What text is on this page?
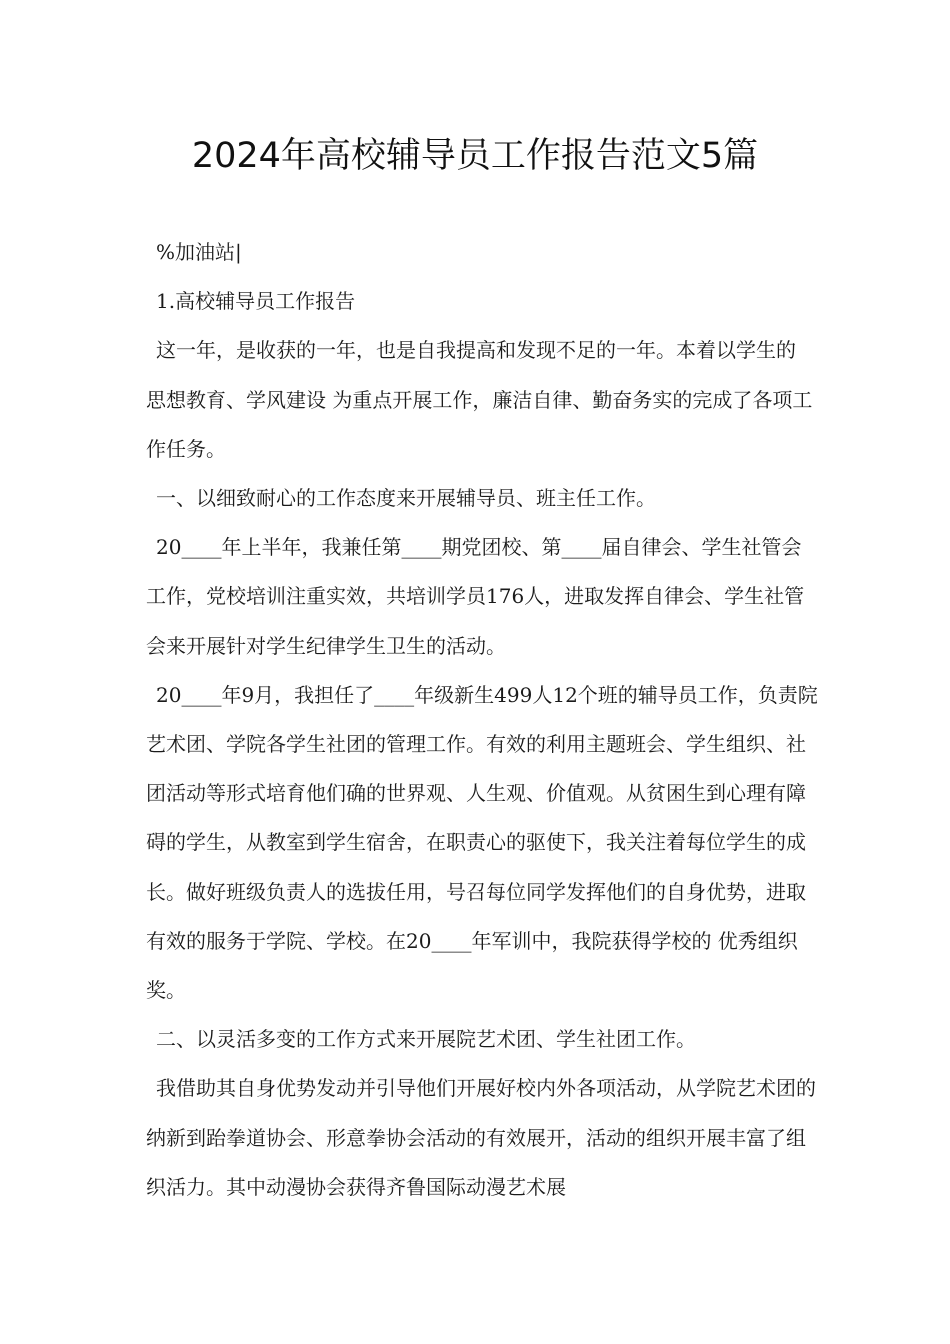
2024年高校辅导员工作报告范文5篇

%加油站|

1.高校辅导员工作报告

这一年，是收获的一年，也是自我提高和发现不足的一年。本着以学生的 思想教育、学风建设 为重点开展工作，廉洁自律、勤奋务实的完成了各项工作任务。

一、以细致耐心的工作态度来开展辅导员、班主任工作。

20____年上半年，我兼任第____期党团校、第____届自律会、学生社管会工作，党校培训注重实效，共培训学员176人，进取发挥自律会、学生社管会来开展针对学生纪律学生卫生的活动。

20____年9月，我担任了____年级新生499人12个班的辅导员工作，负责院艺术团、学院各学生社团的管理工作。有效的利用主题班会、学生组织、社团活动等形式培育他们确的世界观、人生观、价值观。从贫困生到心理有障碍的学生，从教室到学生宿舍，在职责心的驱使下，我关注着每位学生的成长。做好班级负责人的选拔任用，号召每位同学发挥他们的自身优势，进取有效的服务于学院、学校。在20____年军训中，我院获得学校的 优秀组织 奖。

二、以灵活多变的工作方式来开展院艺术团、学生社团工作。

我借助其自身优势发动并引导他们开展好校内外各项活动，从学院艺术团的纳新到跆拳道协会、形意拳协会活动的有效展开，活动的组织开展丰富了组织活力。其中动漫协会获得齐鲁国际动漫艺术展
